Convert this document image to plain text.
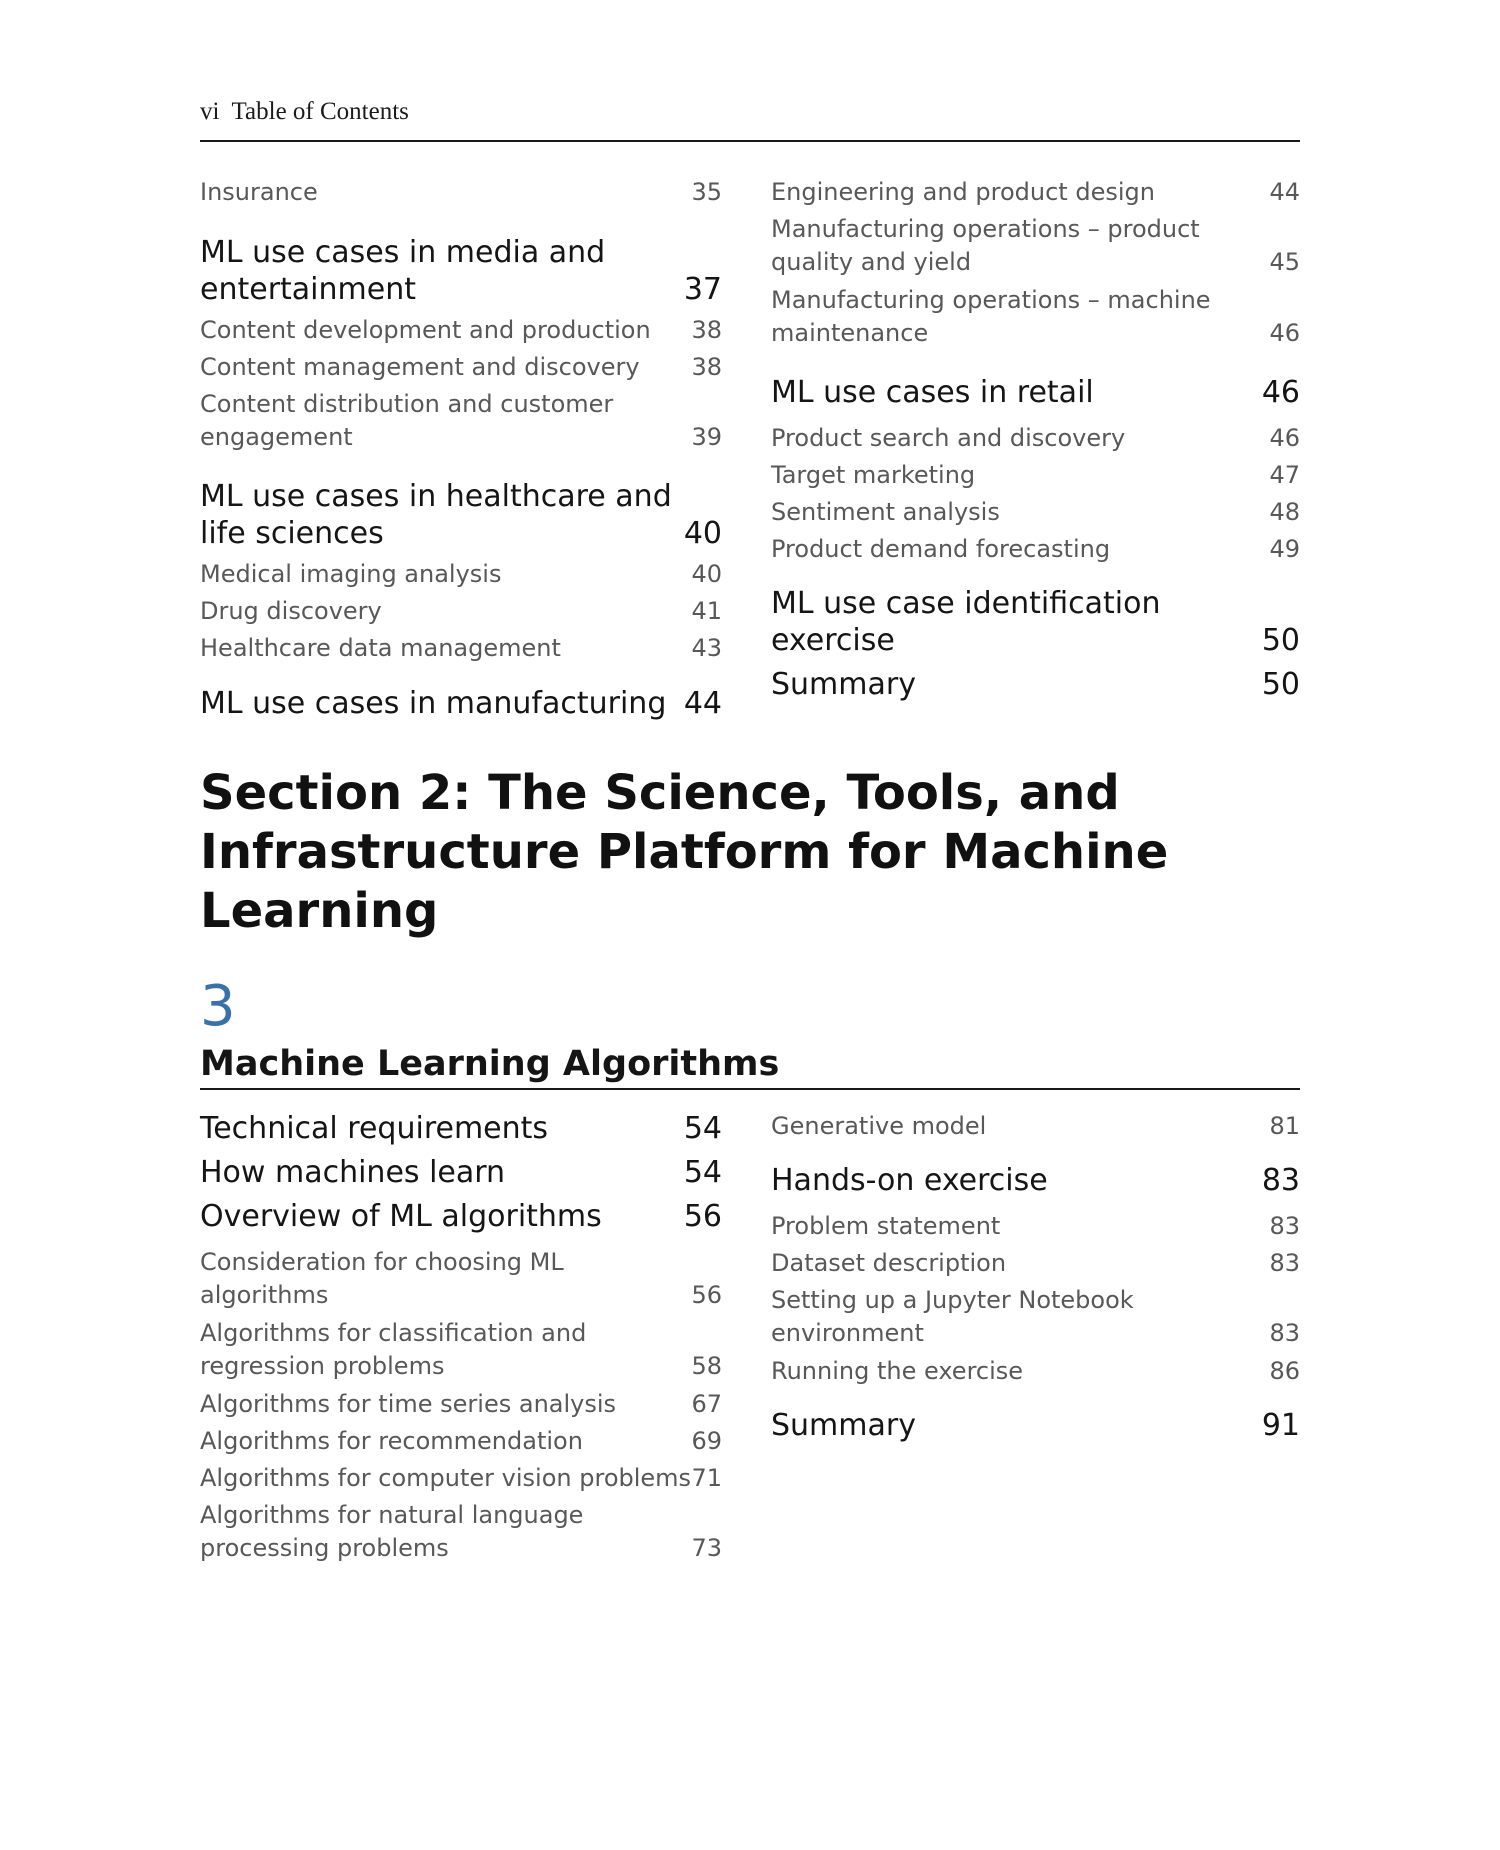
vi Table of Contents
Insurance	35
ML use cases in media and entertainment	37
Content development and production 38
Content management and discovery 38
Content distribution and customer engagement	39
ML use cases in healthcare and life sciences	40
Medical imaging analysis	40
Drug discovery	41
Healthcare data management	43
ML use cases in manufacturing 44
Engineering and product design	44
Manufacturing operations – product quality and yield	45
Manufacturing operations – machine maintenance	46
ML use cases in retail	46
Product search and discovery	46
Target marketing	47
Sentiment analysis	48
Product demand forecasting	49
ML use case identification exercise	50
Summary	50
Section 2: The Science, Tools, and Infrastructure Platform for Machine Learning
3
Machine Learning Algorithms
Technical requirements	54
How machines learn	54
Overview of ML algorithms	56
Consideration for choosing ML algorithms	56
Algorithms for classification and regression problems	58
Algorithms for time series analysis	67
Algorithms for recommendation	69
Algorithms for computer vision problems 71
Algorithms for natural language processing problems	73
Generative model	81
Hands-on exercise	83
Problem statement	83
Dataset description	83
Setting up a Jupyter Notebook environment	83
Running the exercise	86
Summary	91
